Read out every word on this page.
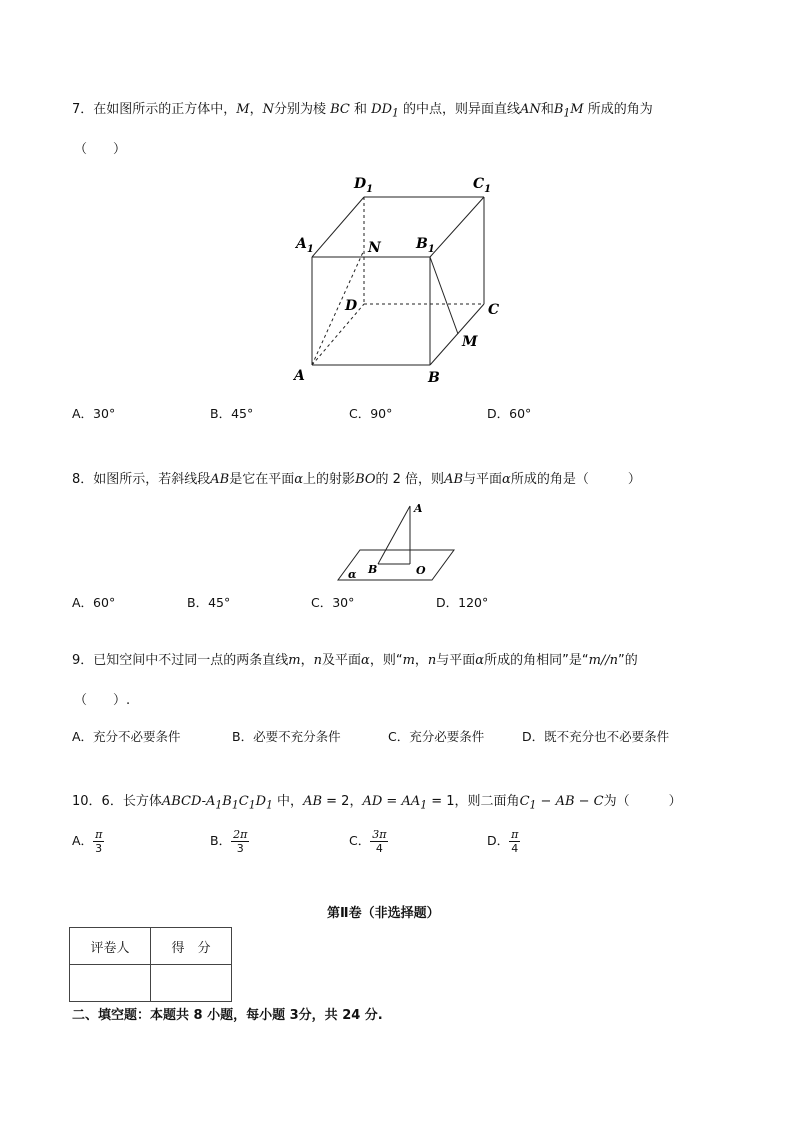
7．在如图所示的正方体中，M，N分别为棱 BC 和 $DD_1$ 的中点，则异面直线AN和$B_1M$ 所成的角为
（　　）
$D_1$	$C_1$
$A_1$	$B_1$
N
D	C
M
A	B
A．30°	B．45°	C．90°	D．60°
8．如图所示，若斜线段AB是它在平面α上的射影BO的 2 倍，则AB与平面α所成的角是（　　　）
A
B	O
α
A．60°	B．45°	C．30°	D．120°
9．已知空间中不过同一点的两条直线m，n及平面α，则“m，n与平面α所成的角相同”是“m//n”的
（　　）.
A．充分不必要条件	B．必要不充分条件	C．充分必要条件	D．既不充分也不必要条件
10．6．长方体ABCD-$A_1B_1C_1D_1$ 中，AB = 2，AD = $AA_1 = 1$，则二面角$C_1$ − AB − C为（　　　）
A． $\frac{\pi}{3}$	B． $\frac{2\pi}{3}$	C． $\frac{3\pi}{4}$	D． $\frac{\pi}{4}$
第Ⅱ卷（非选择题）
评卷人	得　分

二、填空题：本题共 8 小题，每小题 3分，共 24 分.
